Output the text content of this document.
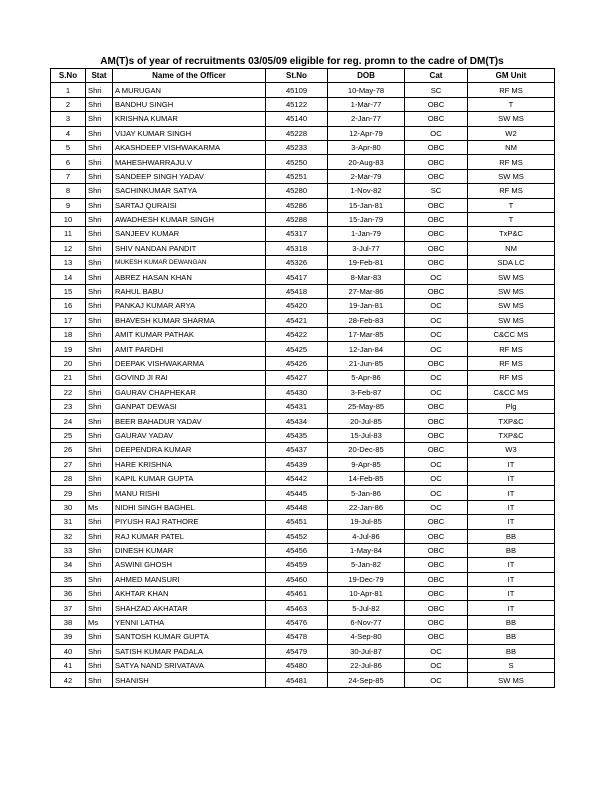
AM(T)s of year of recruitments 03/05/09 eligible for reg. promn to the cadre of DM(T)s
S.No	Stat	Name of the Officer	St.No	DOB	Cat	GM Unit
1	Shri	A MURUGAN	45109	10-May-78	SC	RF MS
2	Shri	BANDHU SINGH	45122	1-Mar-77	OBC	T
3	Shri	KRISHNA KUMAR	45140	2-Jan-77	OBC	SW MS
4	Shri	VIJAY KUMAR SINGH	45228	12-Apr-79	OC	W2
5	Shri	AKASHDEEP VISHWAKARMA	45233	3-Apr-80	OBC	NM
6	Shri	MAHESHWARRAJU.V	45250	20-Aug-83	OBC	RF MS
7	Shri	SANDEEP SINGH YADAV	45251	2-Mar-79	OBC	SW MS
8	Shri	SACHINKUMAR SATYA	45280	1-Nov-82	SC	RF MS
9	Shri	SARTAJ QURAISI	45286	15-Jan-81	OBC	T
10	Shri	AWADHESH KUMAR SINGH	45288	15-Jan-79	OBC	T
11	Shri	SANJEEV KUMAR	45317	1-Jan-79	OBC	TxP&C
12	Shri	SHIV NANDAN PANDIT	45318	3-Jul-77	OBC	NM
13	Shri	MUKESH KUMAR DEWANGAN	45326	19-Feb-81	OBC	SDA LC
14	Shri	ABREZ HASAN KHAN	45417	8-Mar-83	OC	SW MS
15	Shri	RAHUL BABU	45418	27-Mar-86	OBC	SW MS
16	Shri	PANKAJ KUMAR ARYA	45420	19-Jan-81	OC	SW MS
17	Shri	BHAVESH KUMAR SHARMA	45421	28-Feb-83	OC	SW MS
18	Shri	AMIT KUMAR PATHAK	45422	17-Mar-85	OC	C&CC MS
19	Shri	AMIT PARDHI	45425	12-Jan-84	OC	RF MS
20	Shri	DEEPAK VISHWAKARMA	45426	21-Jun-85	OBC	RF MS
21	Shri	GOVIND JI RAI	45427	5-Apr-86	OC	RF MS
22	Shri	GAURAV CHAPHEKAR	45430	3-Feb-87	OC	C&CC MS
23	Shri	GANPAT DEWASI	45431	25-May-85	OBC	Plg
24	Shri	BEER BAHADUR YADAV	45434	20-Jul-85	OBC	TXP&C
25	Shri	GAURAV YADAV	45435	15-Jul-83	OBC	TXP&C
26	Shri	DEEPENDRA KUMAR	45437	20-Dec-85	OBC	W3
27	Shri	HARE KRISHNA	45439	9-Apr-85	OC	IT
28	Shri	KAPIL KUMAR GUPTA	45442	14-Feb-85	OC	IT
29	Shri	MANU RISHI	45445	5-Jan-86	OC	IT
30	Ms	NIDHI SINGH BAGHEL	45448	22-Jan-86	OC	IT
31	Shri	PIYUSH RAJ RATHORE	45451	19-Jul-85	OBC	IT
32	Shri	RAJ KUMAR PATEL	45452	4-Jul-86	OBC	BB
33	Shri	DINESH KUMAR	45456	1-May-84	OBC	BB
34	Shri	ASWINI GHOSH	45459	5-Jan-82	OBC	IT
35	Shri	AHMED MANSURI	45460	19-Dec-79	OBC	IT
36	Shri	AKHTAR KHAN	45461	10-Apr-81	OBC	IT
37	Shri	SHAHZAD AKHATAR	45463	5-Jul-82	OBC	IT
38	Ms	YENNI LATHA	45476	6-Nov-77	OBC	BB
39	Shri	SANTOSH KUMAR GUPTA	45478	4-Sep-80	OBC	BB
40	Shri	SATISH KUMAR PADALA	45479	30-Jul-87	OC	BB
41	Shri	SATYA NAND SRIVATAVA	45480	22-Jul-86	OC	S
42	Shri	SHANISH	45481	24-Sep-85	OC	SW MS
